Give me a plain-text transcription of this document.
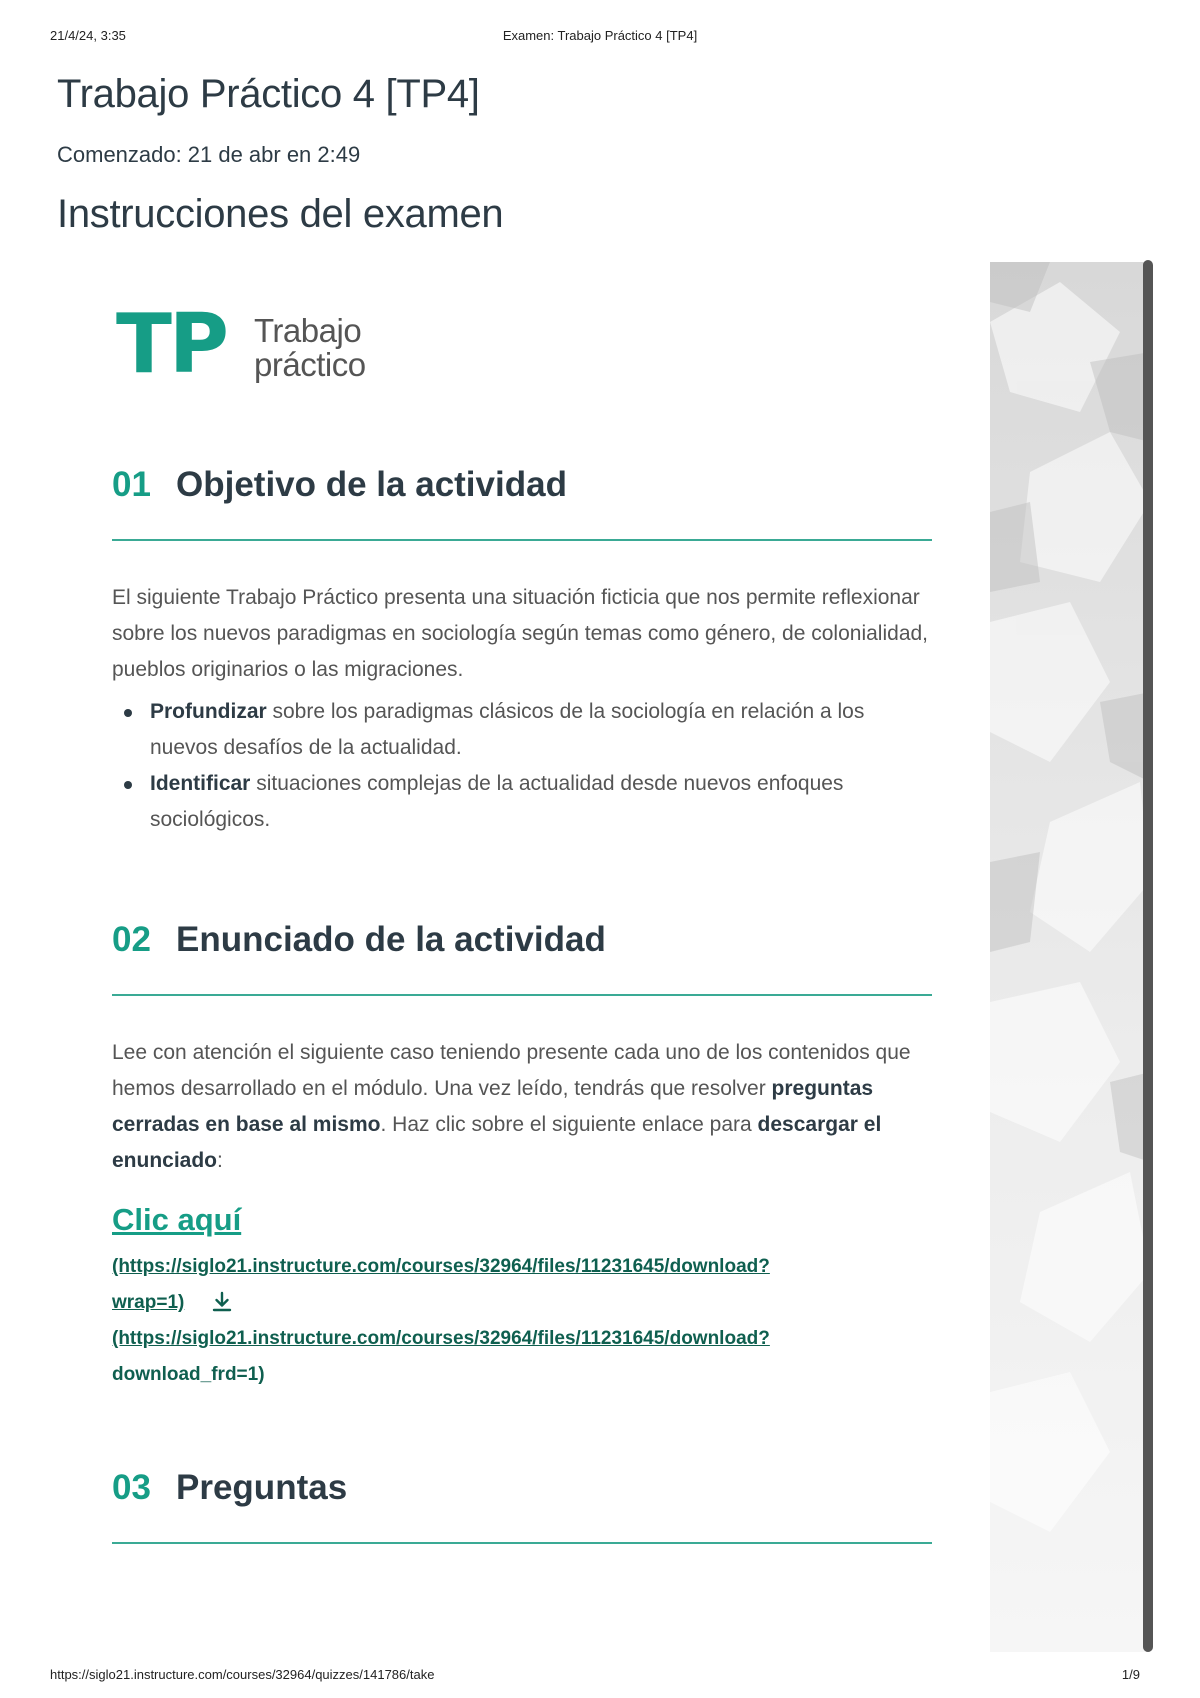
21/4/24, 3:35	Examen: Trabajo Práctico 4 [TP4]
Trabajo Práctico 4 [TP4]
Comenzado: 21 de abr en 2:49
Instrucciones del examen
TP Trabajo
práctico
01 Objetivo de la actividad

El siguiente Trabajo Práctico presenta una situación ficticia que nos permite reflexionar sobre los nuevos paradigmas en sociología según temas como género, de colonialidad, pueblos originarios o las migraciones.

Profundizar sobre los paradigmas clásicos de la sociología en relación a los nuevos desafíos de la actualidad.
Identificar situaciones complejas de la actualidad desde nuevos enfoques sociológicos.
02 Enunciado de la actividad

Lee con atención el siguiente caso teniendo presente cada uno de los contenidos que hemos desarrollado en el módulo. Una vez leído, tendrás que resolver preguntas cerradas en base al mismo. Haz clic sobre el siguiente enlace para descargar el enunciado:

Clic aquí
(https://siglo21.instructure.com/courses/32964/files/11231645/download?
wrap=1)
(https://siglo21.instructure.com/courses/32964/files/11231645/download?
download_frd=1)
03 Preguntas
https://siglo21.instructure.com/courses/32964/quizzes/141786/take	1/9
